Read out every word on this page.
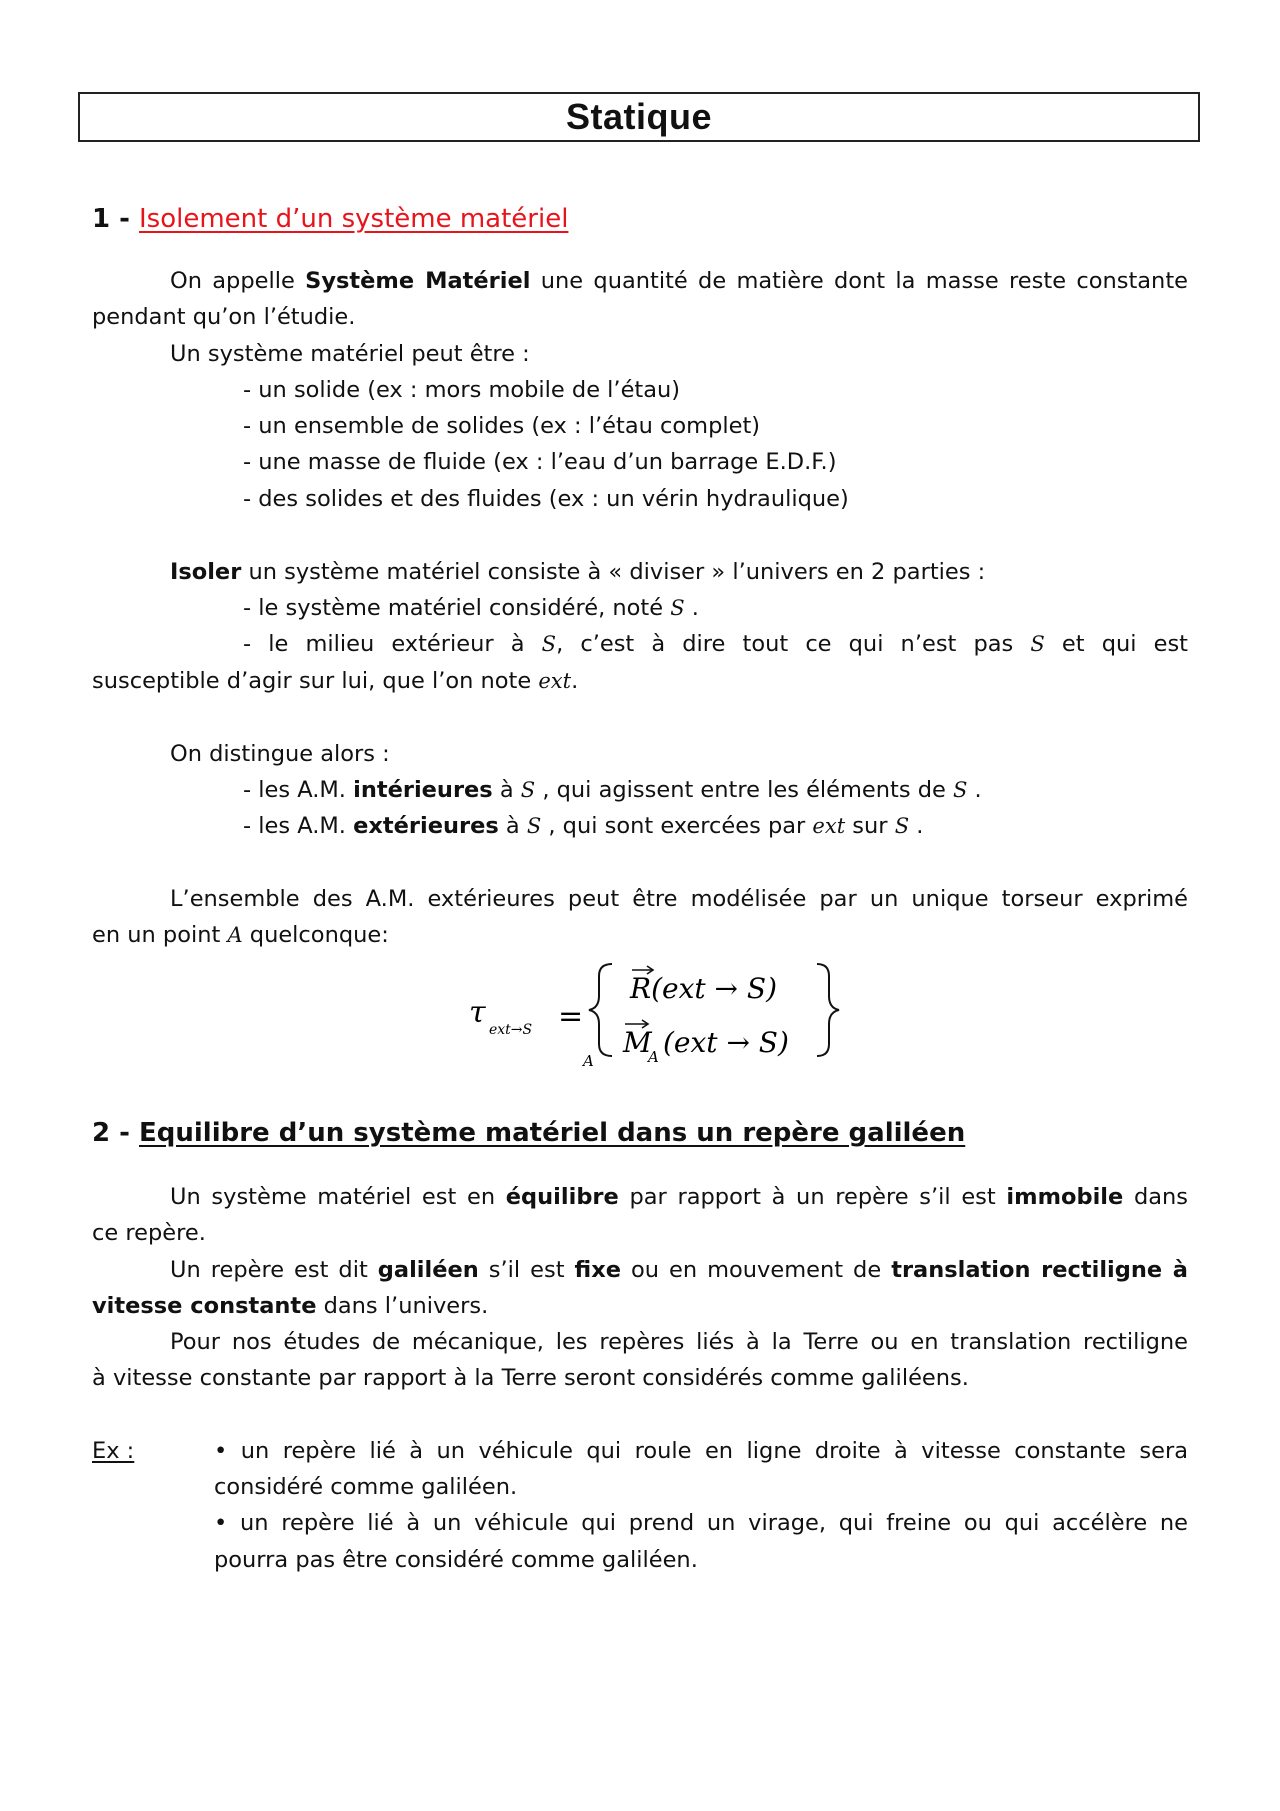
Statique
1 - Isolement d’un système matériel
On appelle Système Matériel une quantité de matière dont la masse reste constante
pendant qu’on l’étudie.
Un système matériel peut être :
- un solide (ex : mors mobile de l’étau)
- un ensemble de solides (ex : l’étau complet)
- une masse de fluide (ex : l’eau d’un barrage E.D.F.)
- des solides et des fluides (ex : un vérin hydraulique)
Isoler un système matériel consiste à « diviser » l’univers en 2 parties :
- le système matériel considéré, noté S .
- le milieu extérieur à S, c’est à dire tout ce qui n’est pas S et qui est
susceptible d’agir sur lui, que l’on note ext.
On distingue alors :
- les A.M. intérieures à S , qui agissent entre les éléments de S .
- les A.M. extérieures à S , qui sont exercées par ext sur S .
L’ensemble des A.M. extérieures peut être modélisée par un unique torseur exprimé
en un point A quelconque:
τ ext→S =
A
R(ext → S)
M
A (ext → S)
2 - Equilibre d’un système matériel dans un repère galiléen
Un système matériel est en équilibre par rapport à un repère s’il est immobile dans
ce repère.
Un repère est dit galiléen s’il est fixe ou en mouvement de translation rectiligne à
vitesse constante dans l’univers.
Pour nos études de mécanique, les repères liés à la Terre ou en translation rectiligne
à vitesse constante par rapport à la Terre seront considérés comme galiléens.
Ex :	• un repère lié à un véhicule qui roule en ligne droite à vitesse constante sera
considéré comme galiléen.
• un repère lié à un véhicule qui prend un virage, qui freine ou qui accélère ne
pourra pas être considéré comme galiléen.
